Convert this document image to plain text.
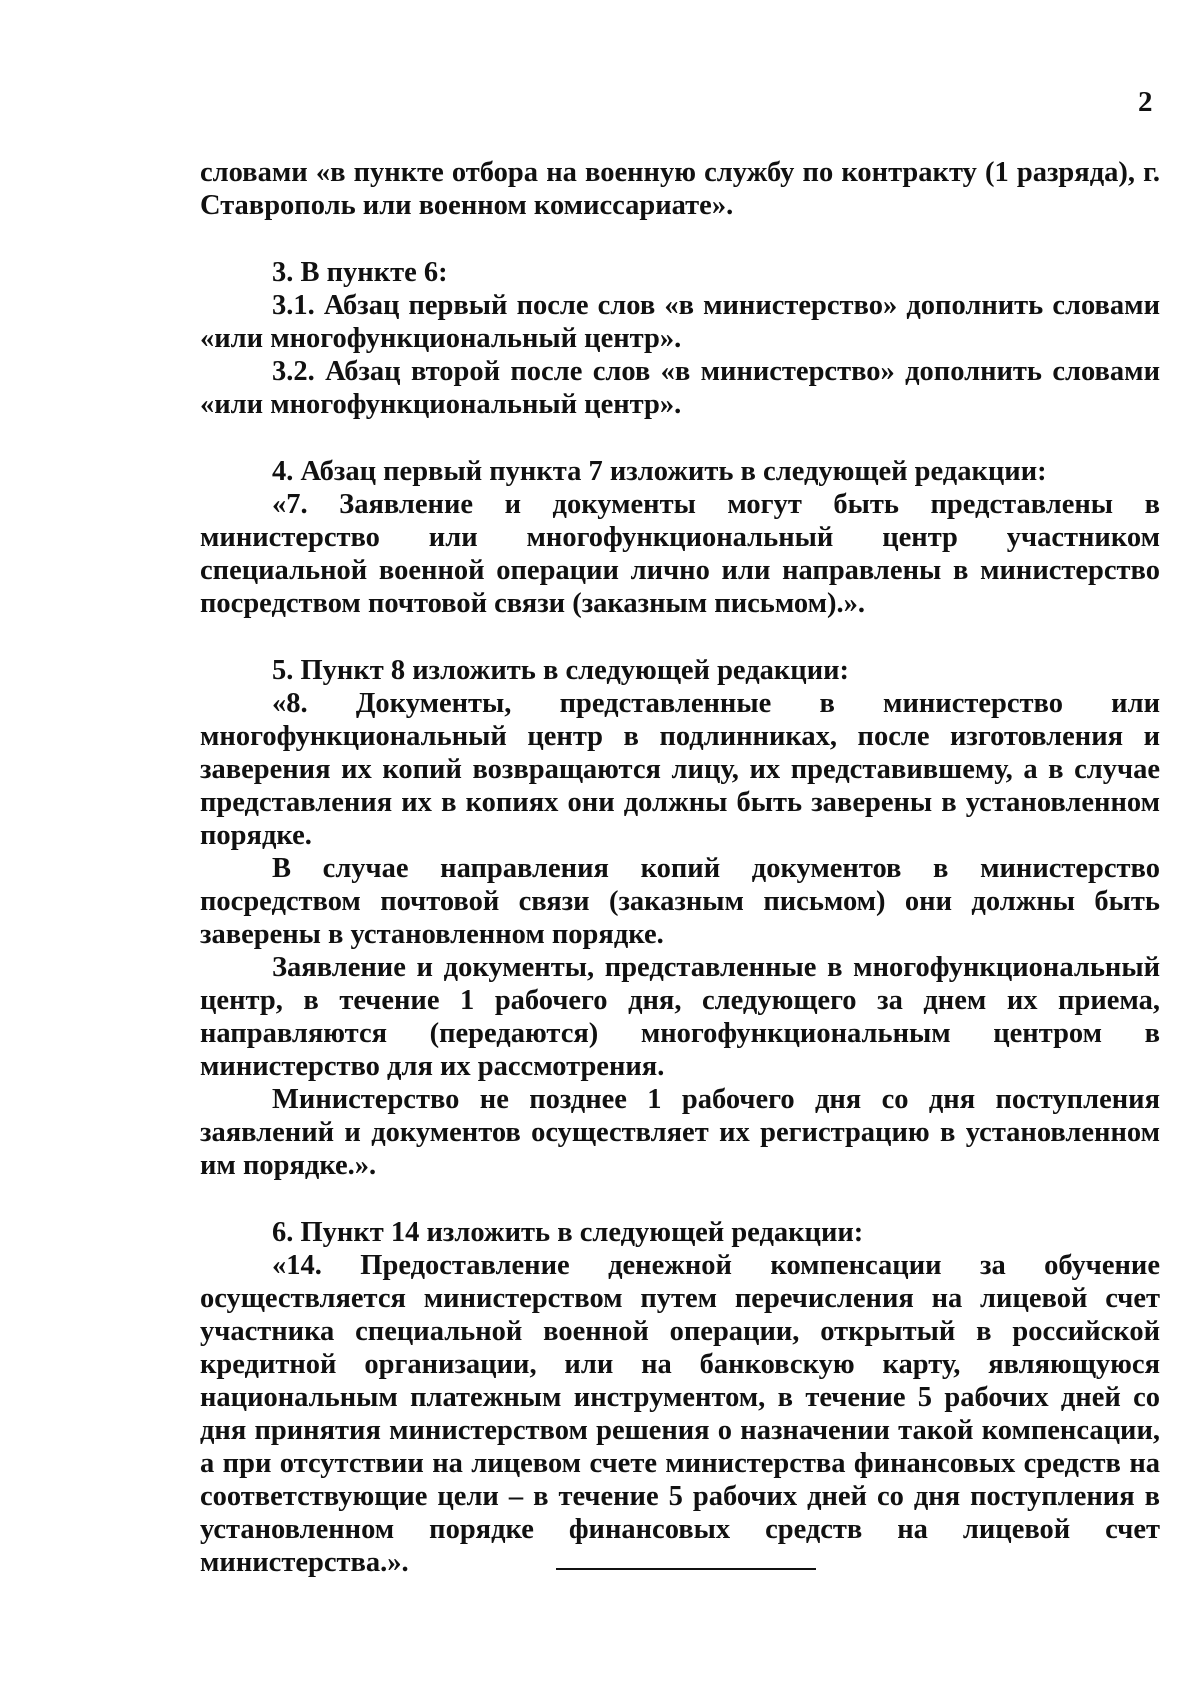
2

словами «в пункте отбора на военную службу по контракту (1 разряда), г. Ставрополь или военном комиссариате».

3. В пункте 6:

3.1. Абзац первый после слов «в министерство» дополнить словами «или многофункциональный центр».

3.2. Абзац второй после слов «в министерство» дополнить словами «или многофункциональный центр».

4. Абзац первый пункта 7 изложить в следующей редакции:

«7. Заявление и документы могут быть представлены в министерство или многофункциональный центр участником специальной военной операции лично или направлены в министерство посредством почтовой связи (заказным письмом).».

5. Пункт 8 изложить в следующей редакции:

«8. Документы, представленные в министерство или многофункциональный центр в подлинниках, после изготовления и заверения их копий возвращаются лицу, их представившему, а в случае представления их в копиях они должны быть заверены в установленном порядке.

В случае направления копий документов в министерство посредством почтовой связи (заказным письмом) они должны быть заверены в установленном порядке.

Заявление и документы, представленные в многофункциональный центр, в течение 1 рабочего дня, следующего за днем их приема, направляются (передаются) многофункциональным центром в министерство для их рассмотрения.

Министерство не позднее 1 рабочего дня со дня поступления заявлений и документов осуществляет их регистрацию в установленном им порядке.».

6. Пункт 14 изложить в следующей редакции:

«14. Предоставление денежной компенсации за обучение осуществляется министерством путем перечисления на лицевой счет участника специальной военной операции, открытый в российской кредитной организации, или на банковскую карту, являющуюся национальным платежным инструментом, в течение 5 рабочих дней со дня принятия министерством решения о назначении такой компенсации, а при отсутствии на лицевом счете министерства финансовых средств на соответствующие цели – в течение 5 рабочих дней со дня поступления в установленном порядке финансовых средств на лицевой счет министерства.».
